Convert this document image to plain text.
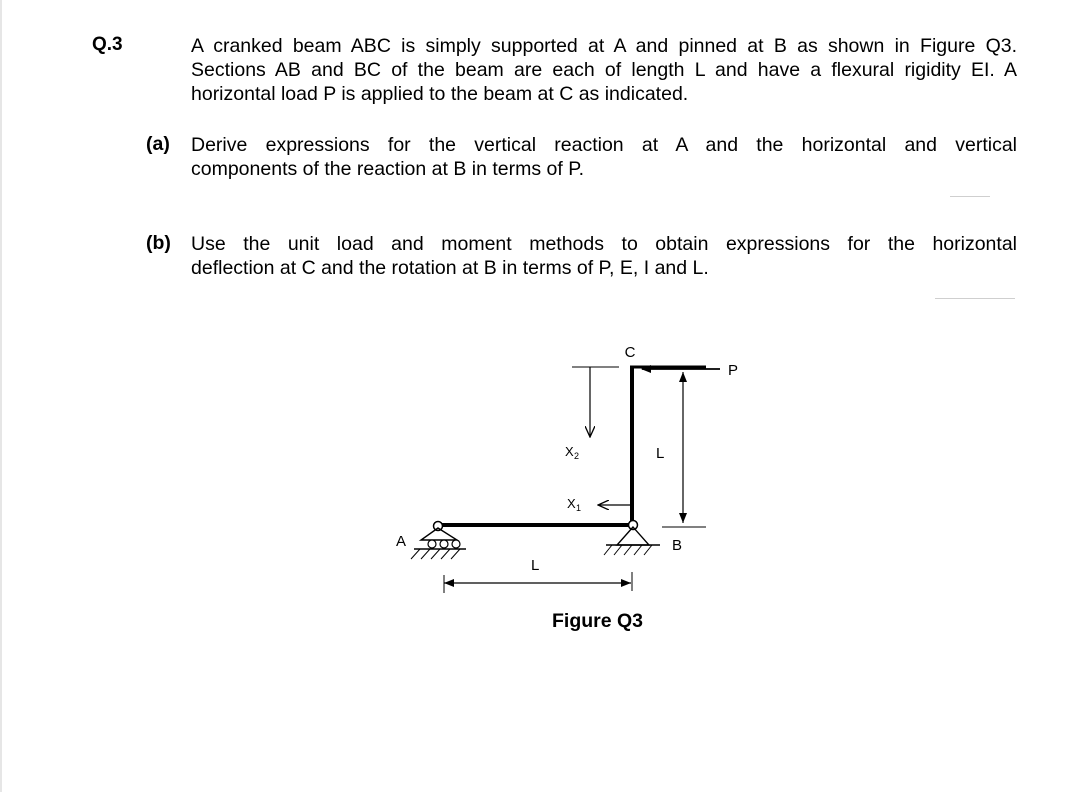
Q.3	A cranked beam ABC is simply supported at A and pinned at B as shown in Figure Q3.
Sections AB and BC of the beam are each of length L and have a flexural rigidity EI. A
horizontal load P is applied to the beam at C as indicated.
(a) Derive expressions for the vertical reaction at A and the horizontal and vertical
components of the reaction at B in terms of P.
(b) Use the unit load and moment methods to obtain expressions for the horizontal
deflection at C and the rotation at B in terms of P, E, I and L.
C
P
L
A	B
L
X 2
X 1
Figure Q3
